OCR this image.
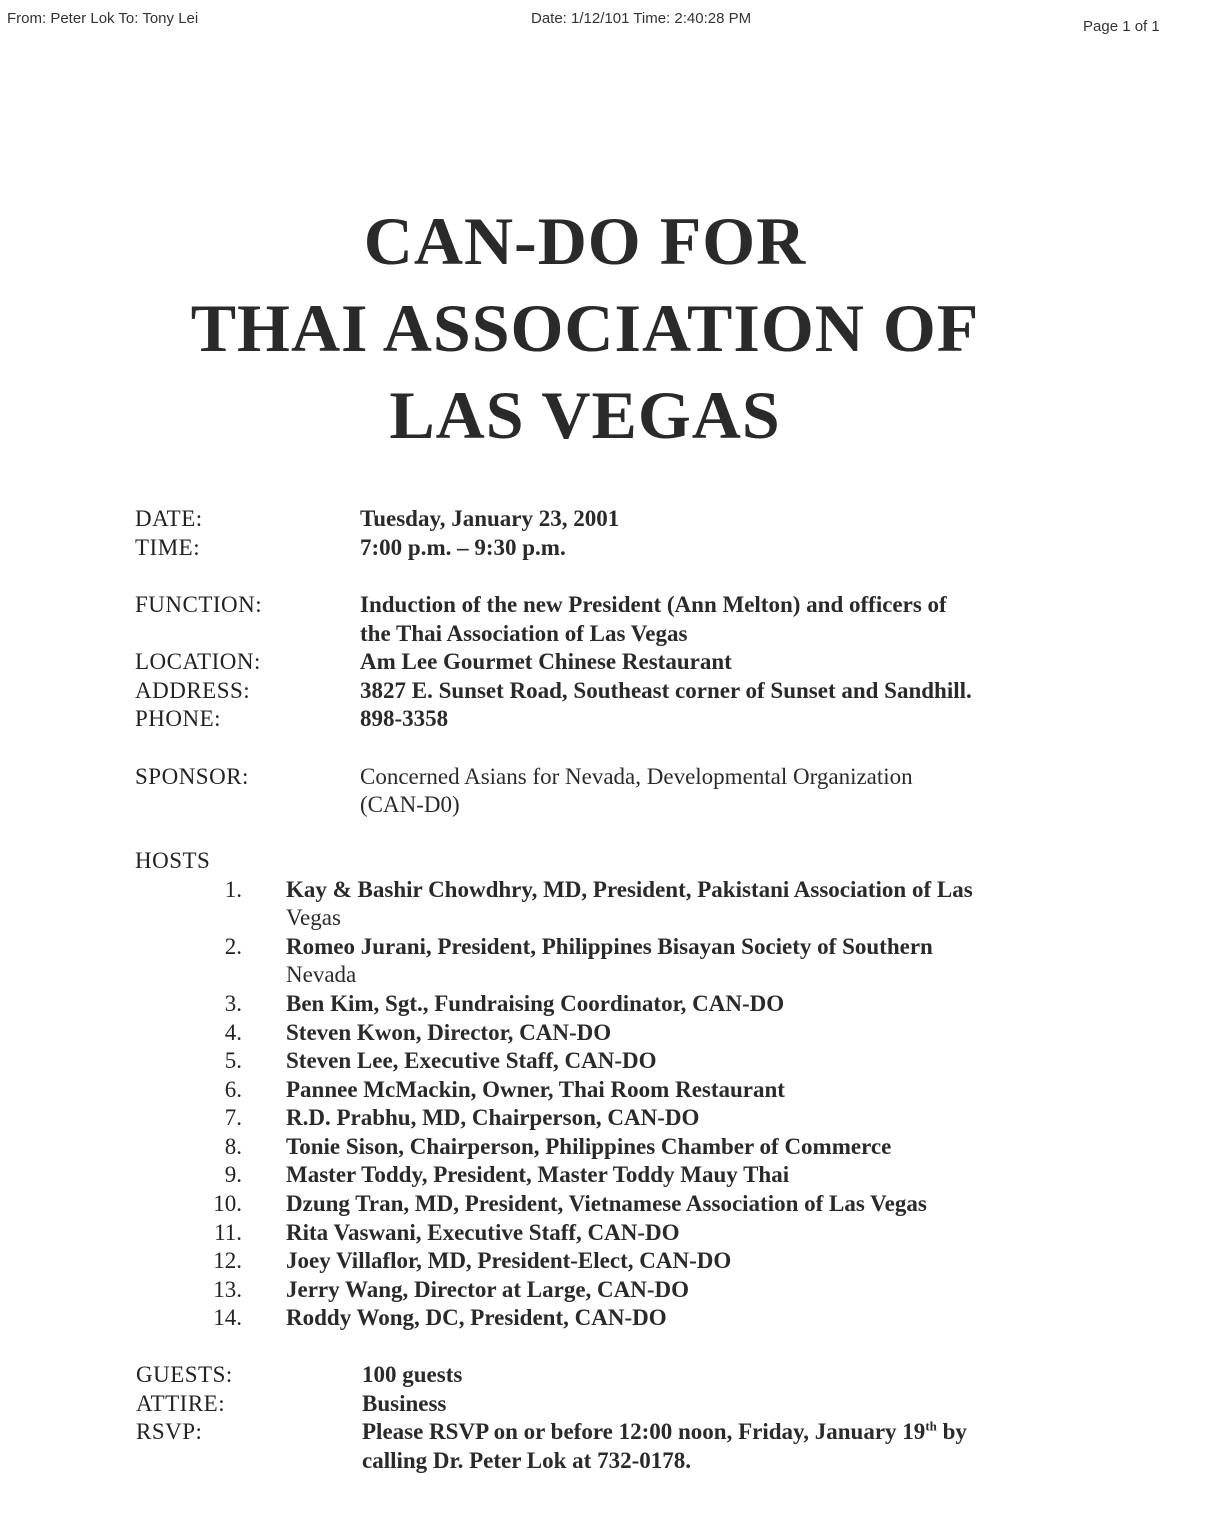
From: Peter Lok To: Tony Lei	Date: 1/12/101 Time: 2:40:28 PM	Page 1 of 1
CAN-DO FOR
THAI ASSOCIATION OF
LAS VEGAS
DATE:	Tuesday, January 23, 2001
TIME:	7:00 p.m. – 9:30 p.m.
FUNCTION:	Induction of the new President (Ann Melton) and officers of
the Thai Association of Las Vegas
LOCATION:	Am Lee Gourmet Chinese Restaurant
ADDRESS:	3827 E. Sunset Road, Southeast corner of Sunset and Sandhill.
PHONE:	898-3358
SPONSOR:	Concerned Asians for Nevada, Developmental Organization
(CAN-D0)
HOSTS
1. Kay & Bashir Chowdhry, MD, President, Pakistani Association of Las
Vegas
2. Romeo Jurani, President, Philippines Bisayan Society of Southern
Nevada
3. Ben Kim, Sgt., Fundraising Coordinator, CAN-DO
4. Steven Kwon, Director, CAN-DO
5. Steven Lee, Executive Staff, CAN-DO
6. Pannee McMackin, Owner, Thai Room Restaurant
7. R.D. Prabhu, MD, Chairperson, CAN-DO
8. Tonie Sison, Chairperson, Philippines Chamber of Commerce
9. Master Toddy, President, Master Toddy Mauy Thai
10. Dzung Tran, MD, President, Vietnamese Association of Las Vegas
11. Rita Vaswani, Executive Staff, CAN-DO
12. Joey Villaflor, MD, President-Elect, CAN-DO
13. Jerry Wang, Director at Large, CAN-DO
14. Roddy Wong, DC, President, CAN-DO
GUESTS:	100 guests
ATTIRE:	Business
RSVP:	Please RSVP on or before 12:00 noon, Friday, January 19th by
calling Dr. Peter Lok at 732-0178.
